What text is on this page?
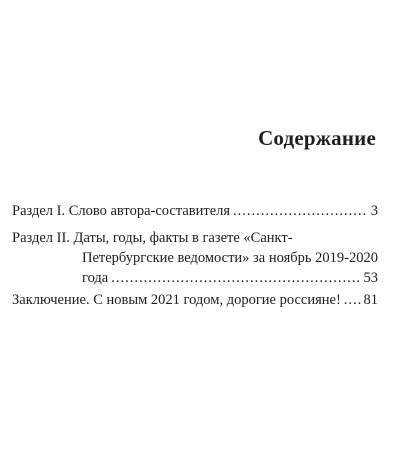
Содержание
Раздел I. Слово автора-составителя .....	3
Раздел II. Даты, годы, факты в газете «Санкт-
Петербургские ведомости» за ноябрь 2019-2020
года .....	53
Заключение. С новым 2021 годом, дорогие россияне! ..... 81
